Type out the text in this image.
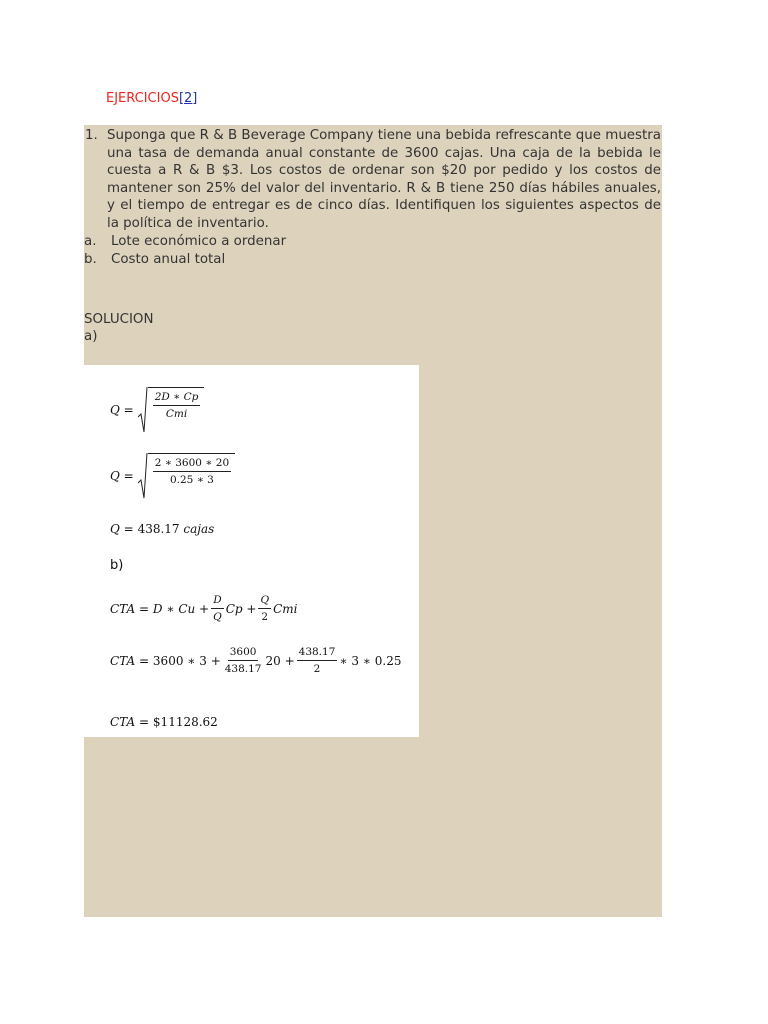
EJERCICIOS[2]
1. Suponga que R & B Beverage Company tiene una bebida refrescante que muestra una tasa de demanda anual constante de 3600 cajas. Una caja de la bebida le cuesta a R & B $3. Los costos de ordenar son $20 por pedido y los costos de mantener son 25% del valor del inventario. R & B tiene 250 días hábiles anuales, y el tiempo de entregar es de cinco días. Identifiquen los siguientes aspectos de la política de inventario.
a. Lote económico a ordenar
b. Costo anual total
SOLUCION
a)
Q
= $\frac{2D ∗ Cp}{\text{Cmi}}$
Q
= $\frac{2 ∗ 3600 ∗ 20}{0.25 ∗ 3}$
Q
=
438.17
cajas
b)
CTA
=
D ∗ $Cu + \frac{D}{Q}$ $Cp + \frac{Q}{2}$ Cmi
CTA
=
3600 ∗ $3 + \frac{3600}{438.17} 20 + \frac{438.17}{2}$ ∗ 3 ∗ 0.25
CTA
=
$11128.62
